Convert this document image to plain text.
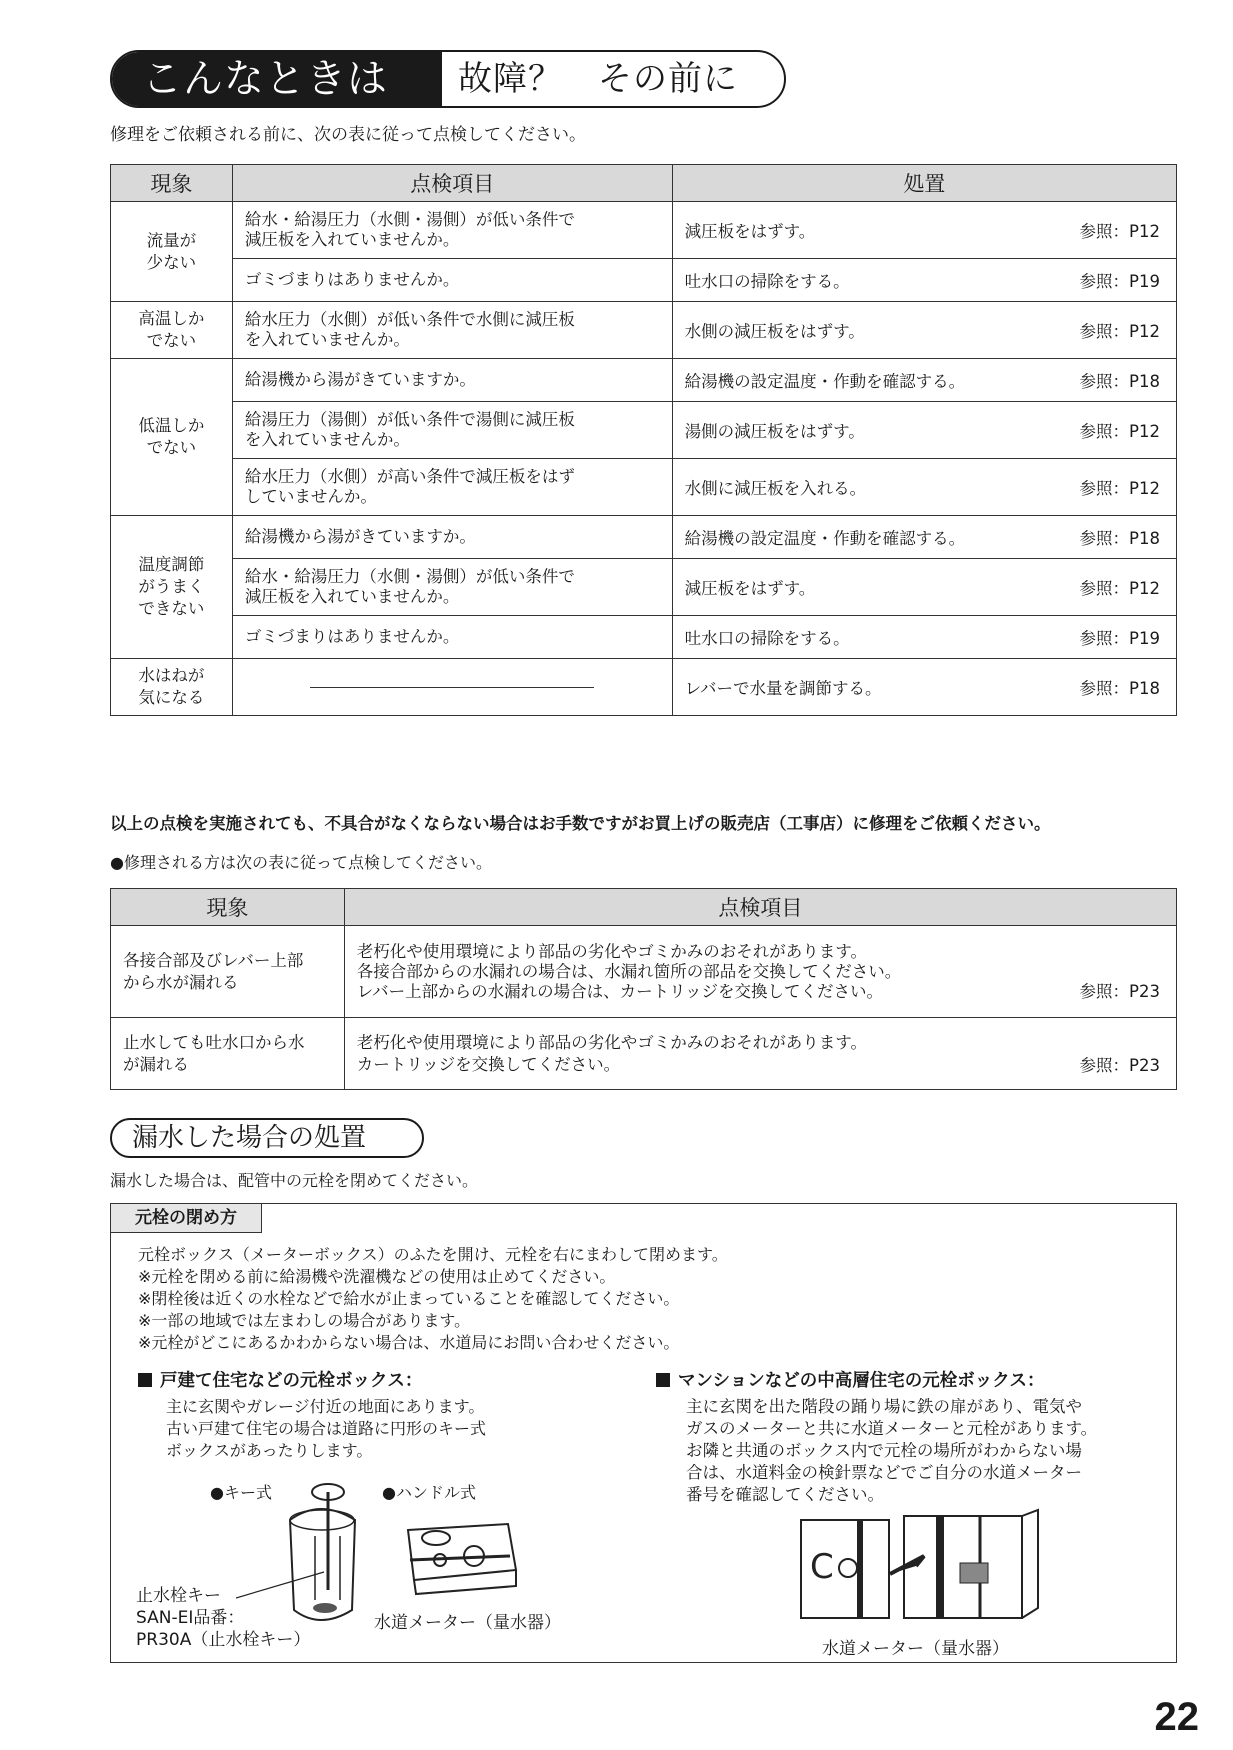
こんなときは	故障？　その前に
修理をご依頼される前に、次の表に従って点検してください。
現象	点検項目	処置
流量が
少ない	給水・給湯圧力（水側・湯側）が低い条件で
減圧板を入れていませんか。	減圧板をはずす。 参照：P12

	ゴミづまりはありませんか。	吐水口の掃除をする。 参照：P19

高温しか
でない	給水圧力（水側）が低い条件で水側に減圧板
を入れていませんか。	水側の減圧板をはずす。 参照：P12

低温しか
でない	給湯機から湯がきていますか。	給湯機の設定温度・作動を確認する。 参照：P18

	給湯圧力（湯側）が低い条件で湯側に減圧板
を入れていませんか。	湯側の減圧板をはずす。 参照：P12

	給水圧力（水側）が高い条件で減圧板をはず
していませんか。	水側に減圧板を入れる。 参照：P12

温度調節
がうまく
できない	給湯機から湯がきていますか。	給湯機の設定温度・作動を確認する。 参照：P18

	給水・給湯圧力（水側・湯側）が低い条件で
減圧板を入れていませんか。	減圧板をはずす。 参照：P12

	ゴミづまりはありませんか。	吐水口の掃除をする。 参照：P19

水はねが
気になる		レバーで水量を調節する。 参照：P18
以上の点検を実施されても、不具合がなくならない場合はお手数ですがお買上げの販売店（工事店）に修理をご依頼ください。
●修理される方は次の表に従って点検してください。
現象	点検項目
各接合部及びレバー上部
から水が漏れる	老朽化や使用環境により部品の劣化やゴミかみのおそれがあります。
各接合部からの水漏れの場合は、水漏れ箇所の部品を交換してください。
レバー上部からの水漏れの場合は、カートリッジを交換してください。 参照：P23

止水しても吐水口から水
が漏れる	老朽化や使用環境により部品の劣化やゴミかみのおそれがあります。
カートリッジを交換してください。 参照：P23
漏水した場合の処置
漏水した場合は、配管中の元栓を閉めてください。
元栓の閉め方
元栓ボックス（メーターボックス）のふたを開け、元栓を右にまわして閉めます。
※元栓を閉める前に給湯機や洗濯機などの使用は止めてください。
※閉栓後は近くの水栓などで給水が止まっていることを確認してください。
※一部の地域では左まわしの場合があります。
※元栓がどこにあるかわからない場合は、水道局にお問い合わせください。
戸建て住宅などの元栓ボックス：
主に玄関やガレージ付近の地面にあります。
古い戸建て住宅の場合は道路に円形のキー式
ボックスがあったりします。
●キー式	●ハンドル式
止水栓キー
SAN-EI品番：
PR30A（止水栓キー）
水道メーター（量水器）
マンションなどの中高層住宅の元栓ボックス：
主に玄関を出た階段の踊り場に鉄の扉があり、電気や
ガスのメーターと共に水道メーターと元栓があります。
お隣と共通のボックス内で元栓の場所がわからない場
合は、水道料金の検針票などでご自分の水道メーター
番号を確認してください。
C
水道メーター（量水器）
22
